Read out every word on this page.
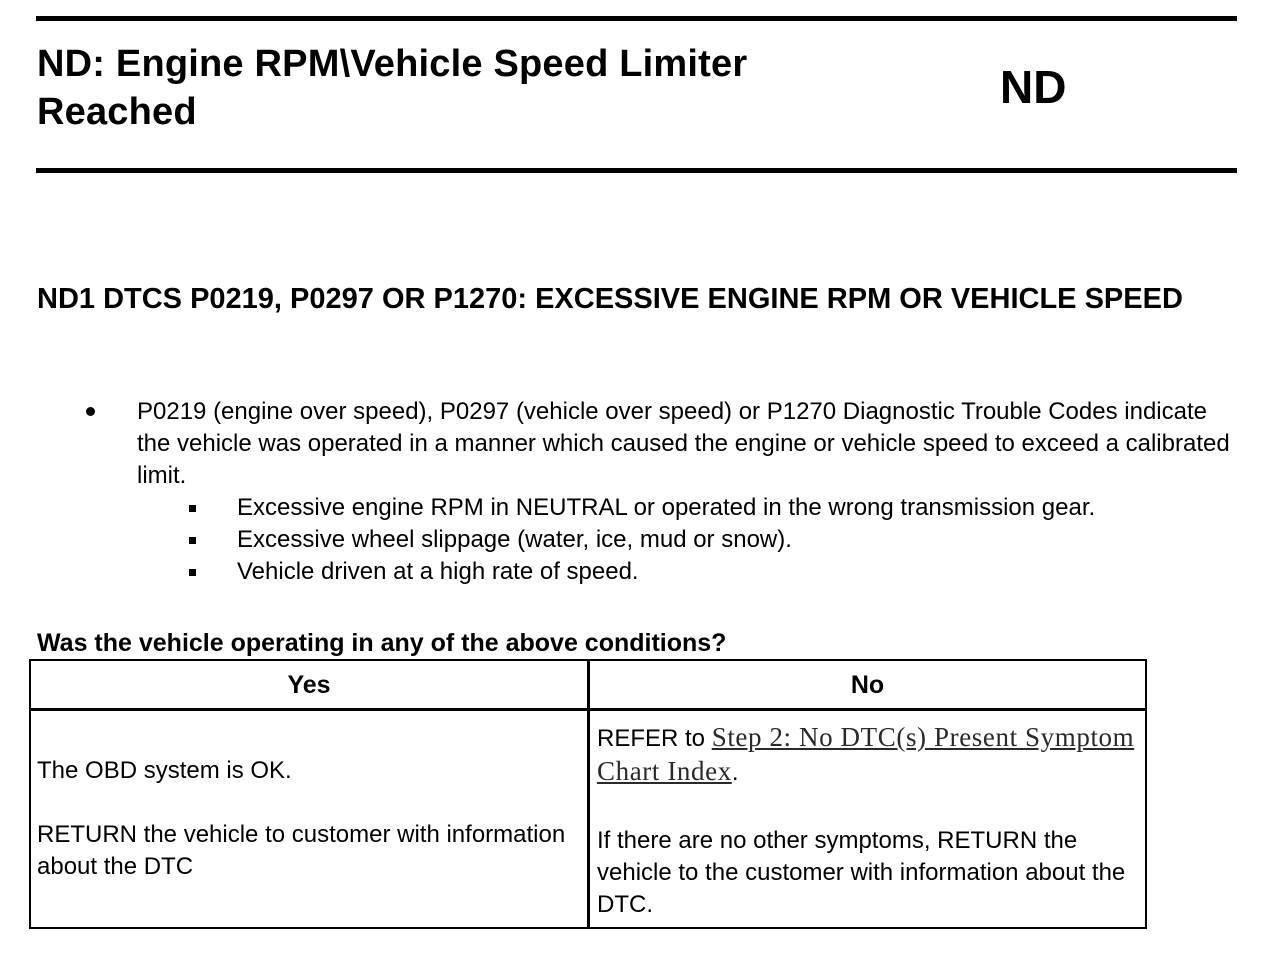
ND: Engine RPM\Vehicle Speed Limiter Reached	ND
ND1 DTCS P0219, P0297 OR P1270: EXCESSIVE ENGINE RPM OR VEHICLE SPEED
P0219 (engine over speed), P0297 (vehicle over speed) or P1270 Diagnostic Trouble Codes indicate the vehicle was operated in a manner which caused the engine or vehicle speed to exceed a calibrated limit.
Excessive engine RPM in NEUTRAL or operated in the wrong transmission gear.
Excessive wheel slippage (water, ice, mud or snow).
Vehicle driven at a high rate of speed.
Was the vehicle operating in any of the above conditions?
Yes	No
The OBD system is OK.
RETURN the vehicle to customer with information about the DTC
REFER to Step 2: No DTC(s) Present Symptom Chart Index.
If there are no other symptoms, RETURN the vehicle to the customer with information about the DTC.
